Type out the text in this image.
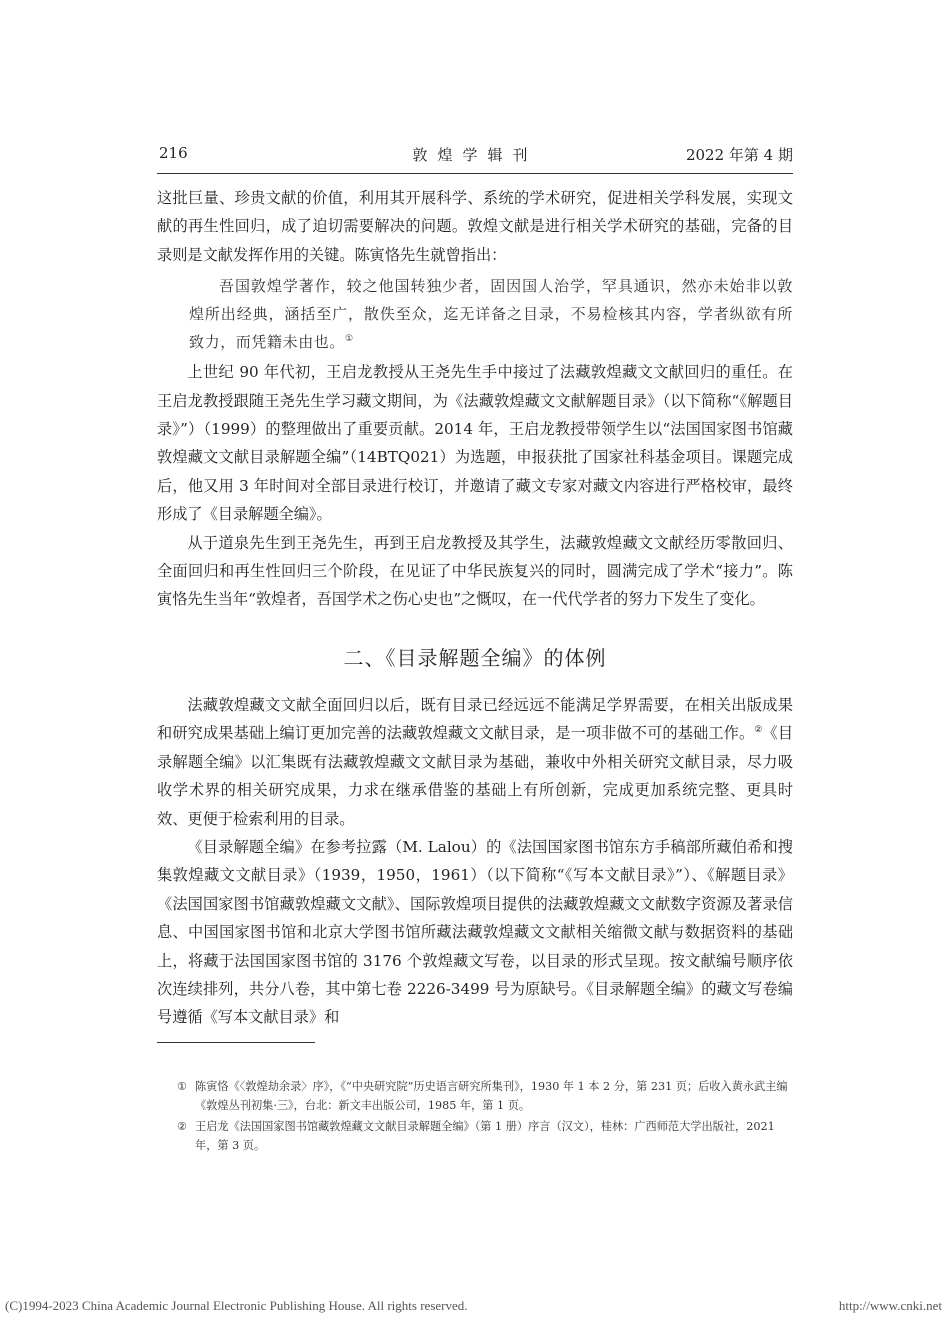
216	敦煌学辑刊	2022 年第 4 期

这批巨量、珍贵文献的价值，利用其开展科学、系统的学术研究，促进相关学科发展，实现文献的再生性回归，成了迫切需要解决的问题。敦煌文献是进行相关学术研究的基础，完备的目录则是文献发挥作用的关键。陈寅恪先生就曾指出：

吾国敦煌学著作，较之他国转独少者，固因国人治学，罕具通识，然亦未始非以敦煌所出经典，涵括至广，散佚至众，迄无详备之目录，不易检核其内容，学者纵欲有所致力，而凭籍未由也。①

上世纪 90 年代初，王启龙教授从王尧先生手中接过了法藏敦煌藏文文献回归的重任。在王启龙教授跟随王尧先生学习藏文期间，为《法藏敦煌藏文文献解题目录》（以下简称“《解题目录》”）（1999）的整理做出了重要贡献。2014 年，王启龙教授带领学生以“法国国家图书馆藏敦煌藏文文献目录解题全编”（14BTQ021）为选题，申报获批了国家社科基金项目。课题完成后，他又用 3 年时间对全部目录进行校订，并邀请了藏文专家对藏文内容进行严格校审，最终形成了《目录解题全编》。

从于道泉先生到王尧先生，再到王启龙教授及其学生，法藏敦煌藏文文献经历零散回归、全面回归和再生性回归三个阶段，在见证了中华民族复兴的同时，圆满完成了学术“接力”。陈寅恪先生当年“敦煌者，吾国学术之伤心史也”之慨叹，在一代代学者的努力下发生了变化。

二、《目录解题全编》的体例

法藏敦煌藏文文献全面回归以后，既有目录已经远远不能满足学界需要，在相关出版成果和研究成果基础上编订更加完善的法藏敦煌藏文文献目录，是一项非做不可的基础工作。②《目录解题全编》以汇集既有法藏敦煌藏文文献目录为基础，兼收中外相关研究文献目录，尽力吸收学术界的相关研究成果，力求在继承借鉴的基础上有所创新，完成更加系统完整、更具时效、更便于检索利用的目录。

《目录解题全编》在参考拉露（M. Lalou）的《法国国家图书馆东方手稿部所藏伯希和搜集敦煌藏文文献目录》（1939，1950，1961）（以下简称“《写本文献目录》”）、《解题目录》《法国国家图书馆藏敦煌藏文文献》、国际敦煌项目提供的法藏敦煌藏文文献数字资源及著录信息、中国国家图书馆和北京大学图书馆所藏法藏敦煌藏文文献相关缩微文献与数据资料的基础上，将藏于法国国家图书馆的 3176 个敦煌藏文写卷，以目录的形式呈现。按文献编号顺序依次连续排列，共分八卷，其中第七卷 2226-3499 号为原缺号。《目录解题全编》的藏文写卷编号遵循《写本文献目录》和

① 陈寅恪《〈敦煌劫余录〉序》，《“中央研究院”历史语言研究所集刊》，1930 年 1 本 2 分，第 231 页；后收入黄永武主编《敦煌丛刊初集·三》，台北：新文丰出版公司，1985 年，第 1 页。

② 王启龙《法国国家图书馆藏敦煌藏文文献目录解题全编》（第 1 册）序言（汉文），桂林：广西师范大学出版社，2021 年，第 3 页。

(C)1994-2023 China Academic Journal Electronic Publishing House. All rights reserved.	http://www.cnki.net
